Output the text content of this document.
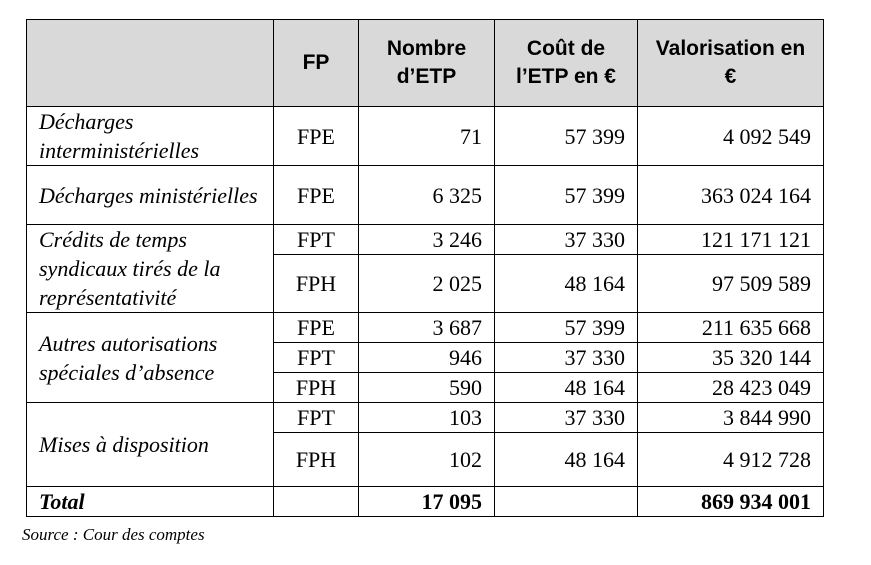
	FP	Nombre d’ETP	Coût de l’ETP en €	Valorisation en €
Décharges interministérielles	FPE	71	57 399	4 092 549
Décharges ministérielles	FPE	6 325	57 399	363 024 164
Crédits de temps syndicaux tirés de la représentativité	FPT	3 246	37 330	121 171 121
	FPH	2 025	48 164	97 509 589
Autres autorisations spéciales d’absence	FPE	3 687	57 399	211 635 668
	FPT	946	37 330	35 320 144
	FPH	590	48 164	28 423 049
Mises à disposition	FPT	103	37 330	3 844 990
	FPH	102	48 164	4 912 728
Total		17 095		869 934 001
Source : Cour des comptes
